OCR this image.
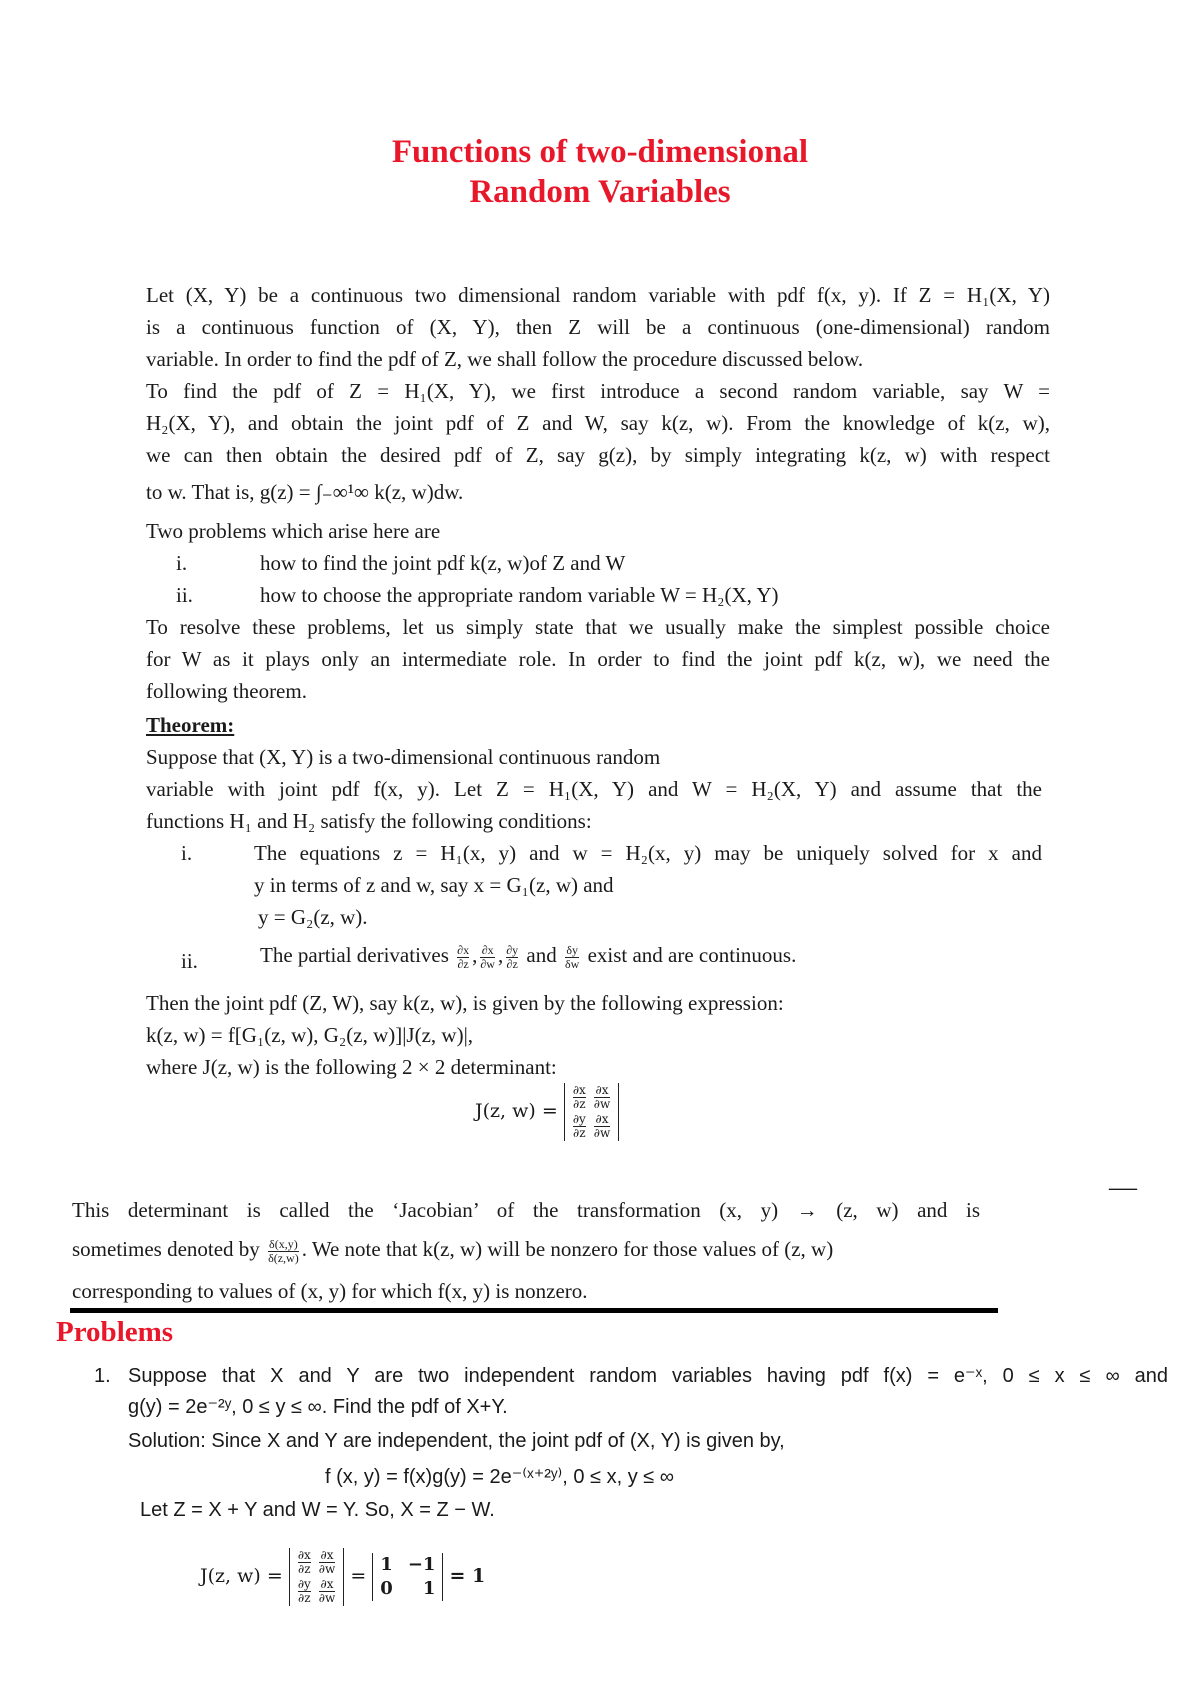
Functions of two-dimensional
Random Variables
Let (X, Y) be a continuous two dimensional random variable with pdf f(x, y). If Z = H₁(X, Y)
is a continuous function of (X, Y), then Z will be a continuous (one-dimensional) random
variable. In order to find the pdf of Z, we shall follow the procedure discussed below.
To find the pdf of Z = H₁(X, Y), we first introduce a second random variable, say W =
H₂(X, Y), and obtain the joint pdf of Z and W, say k(z, w). From the knowledge of k(z, w),
we can then obtain the desired pdf of Z, say g(z), by simply integrating k(z, w) with respect
to w. That is, g(z) = ∫₋∞¹∞ k(z, w)dw.
Two problems which arise here are
i.	how to find the joint pdf k(z, w)of Z and W
ii.	how to choose the appropriate random variable W = H₂(X, Y)
To resolve these problems, let us simply state that we usually make the simplest possible choice
for W as it plays only an intermediate role. In order to find the joint pdf k(z, w), we need the
following theorem.
Theorem:
Suppose that (X, Y) is a two-dimensional continuous random
variable with joint pdf f(x, y). Let Z = H₁(X, Y) and W = H₂(X, Y) and assume that the
functions H₁ and H₂ satisfy the following conditions:
i.	The equations z = H₁(x, y) and w = H₂(x, y) may be uniquely solved for x and
y in terms of z and w, say x = G₁(z, w) and
y = G₂(z, w).
ii.	The partial derivatives $\frac{\partial x}{\partial z}$ , $\frac{\partial x}{\partial w}$ , $\frac{\partial y}{\partial z}$ and $\frac{\delta y}{\delta w}$ exist and are continuous.
Then the joint pdf (Z, W), say k(z, w), is given by the following expression:
k(z, w) = f[G₁(z, w), G₂(z, w)]|J(z, w)|,
where J(z, w) is the following 2 × 2 determinant:
J(z, $w) = \frac{\partial x}{\partial z}$	$\frac{\partial x}{\partial w}$

$\frac{\partial y}{\partial z}$	$\frac{\partial x}{\partial w}$
—
This determinant is called the ‘Jacobian’ of the transformation (x, y) → (z, w) and is
sometimes denoted by $\frac{\delta(x,y)}{\delta(z,w)}$ . We note that k(z, w) will be nonzero for those values of (z, w)
corresponding to values of (x, y) for which f(x, y) is nonzero.
Problems
1. Suppose that X and Y are two independent random variables having pdf f(x) = e⁻ˣ, 0 ≤ x ≤ ∞ and
g(y) = 2e⁻²ʸ, 0 ≤ y ≤ ∞. Find the pdf of X+Y.
Solution: Since X and Y are independent, the joint pdf of (X, Y) is given by,
f (x, y) = f(x)g(y) = 2e⁻⁽ˣ⁺²ʸ⁾, 0 ≤ x, y ≤ ∞
Let Z = X + Y and W = Y. So, X = Z − W.
J(z, $w) = \frac{\partial x}{\partial z}$	$\frac{\partial x}{\partial w}$

$\frac{\partial y}{\partial z}$	$\frac{\partial x}{\partial w}$
=
1	−1
0	1
= 1
